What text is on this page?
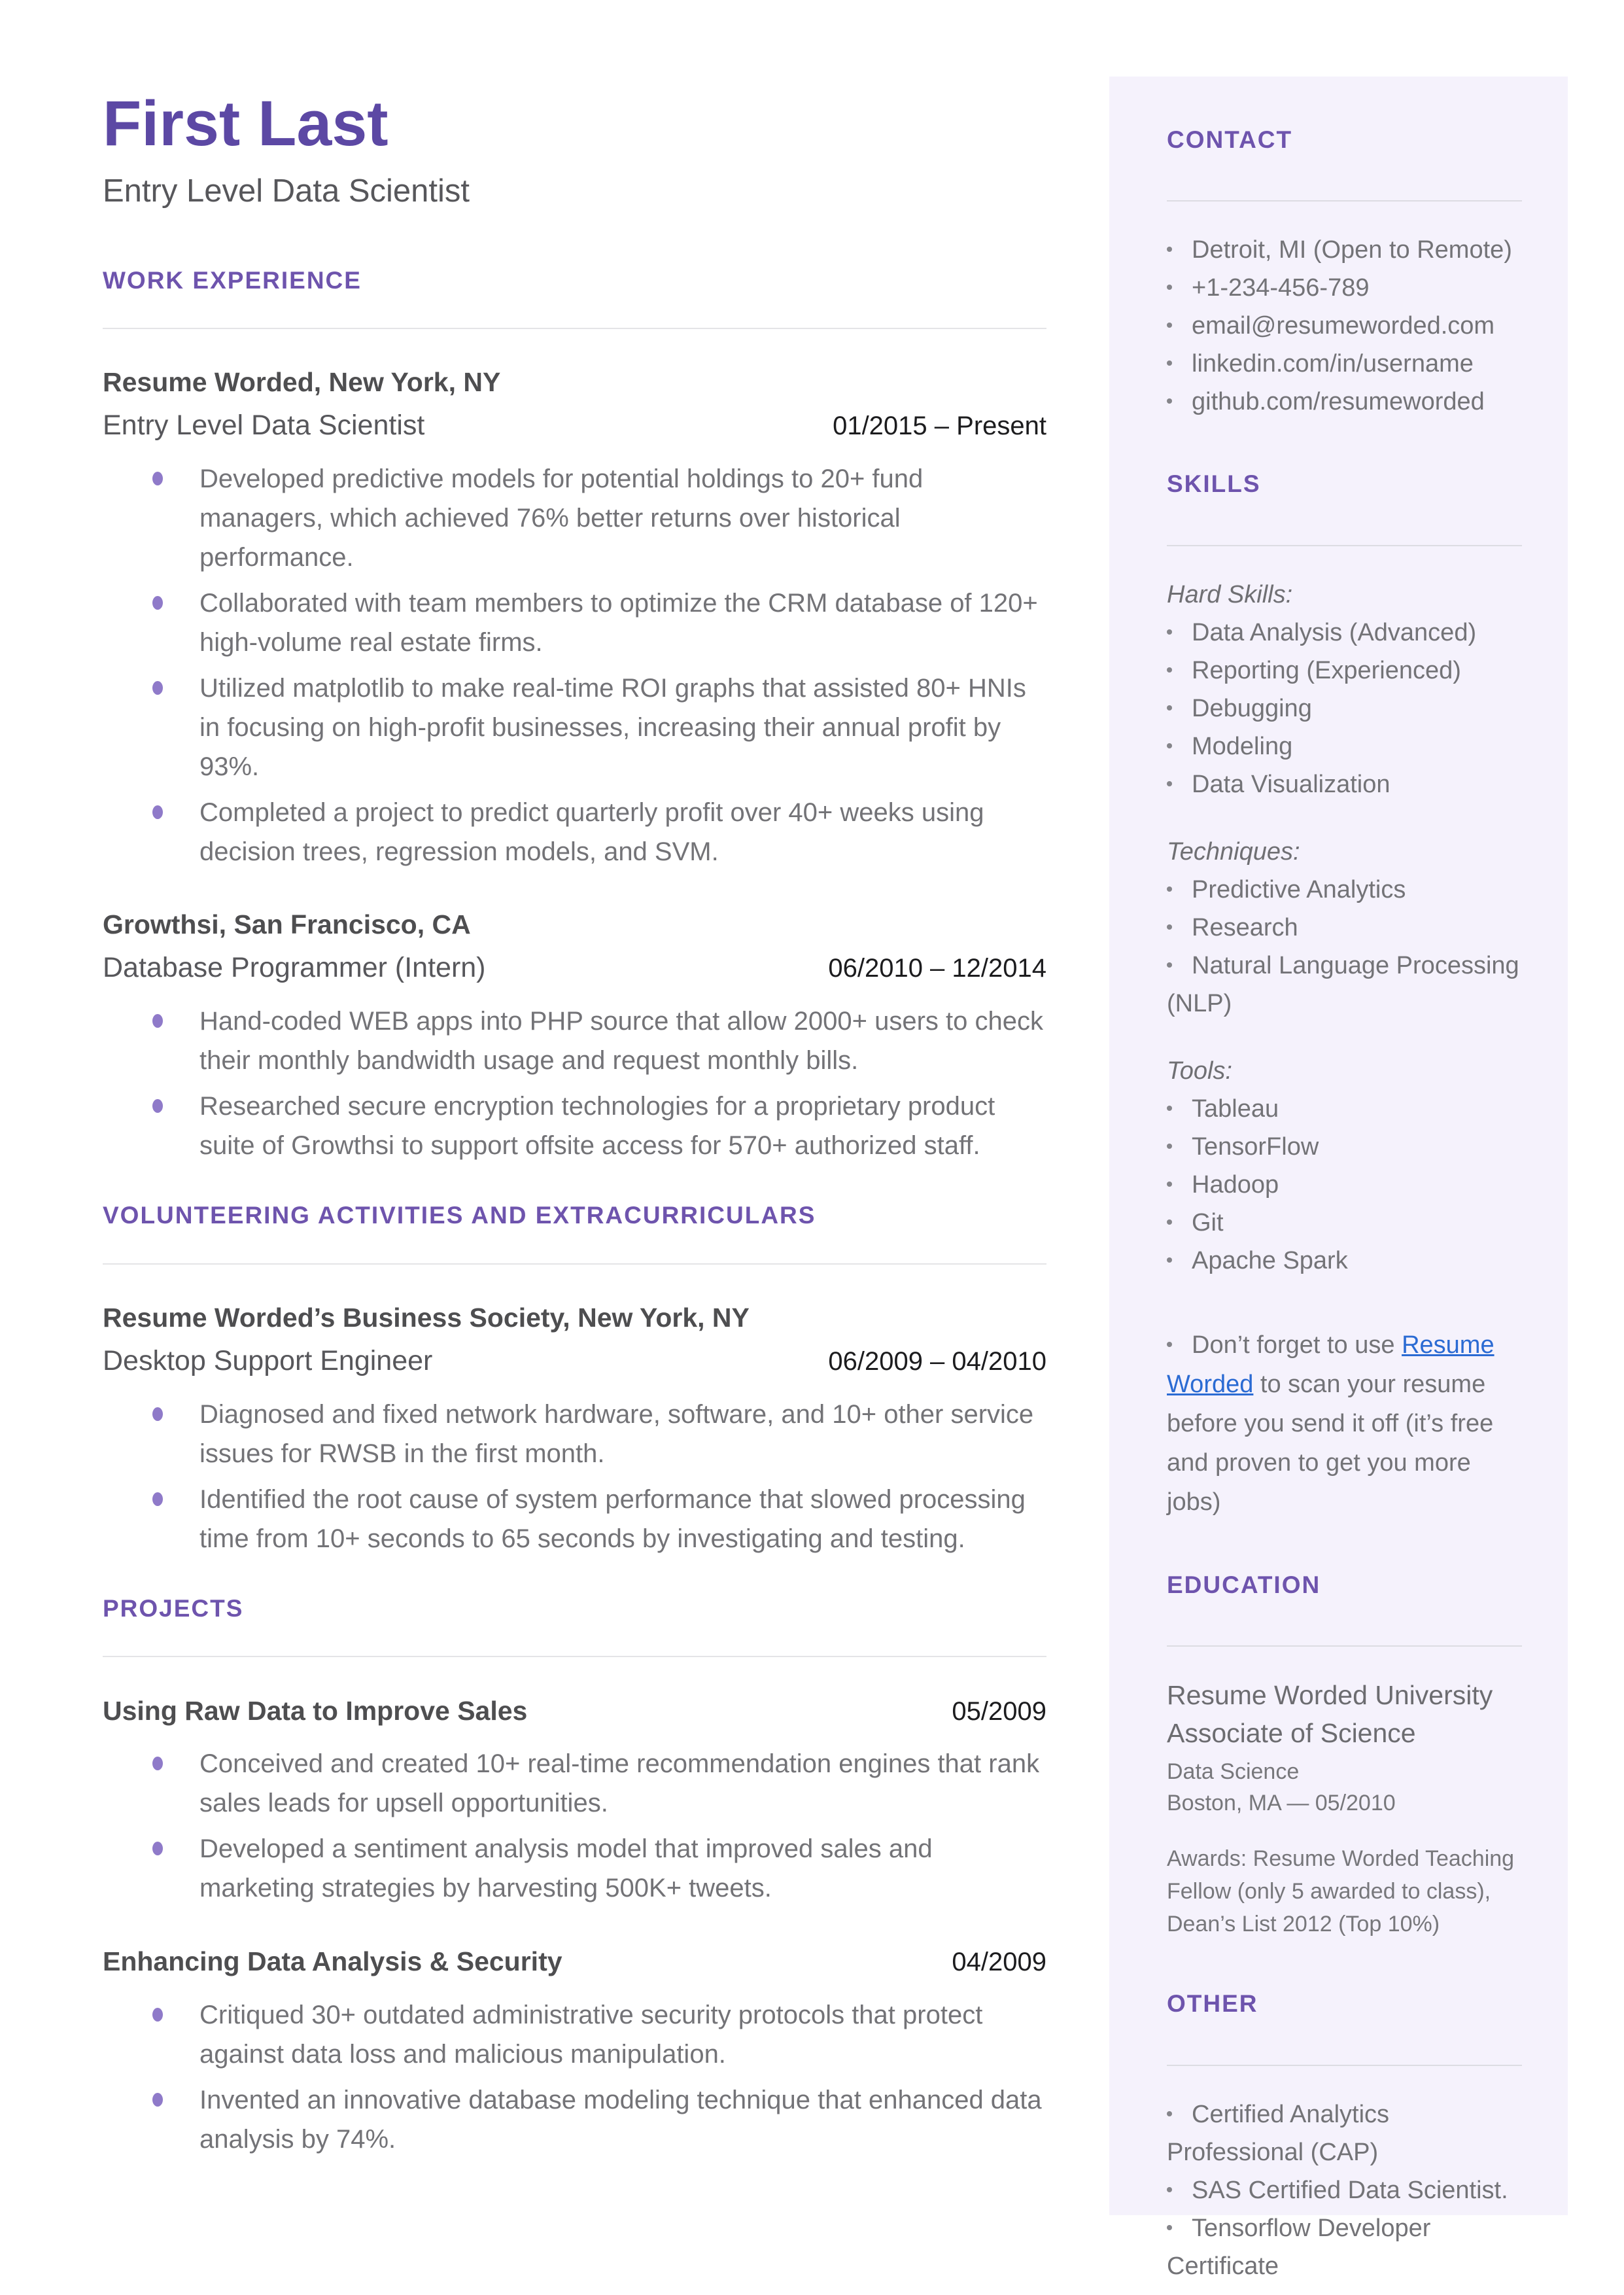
First Last
Entry Level Data Scientist
WORK EXPERIENCE
Resume Worded, New York, NY
Entry Level Data Scientist	01/2015 – Present
Developed predictive models for potential holdings to 20+ fund managers, which achieved 76% better returns over historical performance.
Collaborated with team members to optimize the CRM database of 120+ high-volume real estate firms.
Utilized matplotlib to make real-time ROI graphs that assisted 80+ HNIs in focusing on high-profit businesses, increasing their annual profit by 93%.
Completed a project to predict quarterly profit over 40+ weeks using decision trees, regression models, and SVM.
Growthsi, San Francisco, CA
Database Programmer (Intern)	06/2010 – 12/2014
Hand-coded WEB apps into PHP source that allow 2000+ users to check their monthly bandwidth usage and request monthly bills.
Researched secure encryption technologies for a proprietary product suite of Growthsi to support offsite access for 570+ authorized staff.
VOLUNTEERING ACTIVITIES AND EXTRACURRICULARS
Resume Worded’s Business Society, New York, NY
Desktop Support Engineer	06/2009 – 04/2010
Diagnosed and fixed network hardware, software, and 10+ other service issues for RWSB in the first month.
Identified the root cause of system performance that slowed processing time from 10+ seconds to 65 seconds by investigating and testing.
PROJECTS
Using Raw Data to Improve Sales	05/2009
Conceived and created 10+ real-time recommendation engines that rank sales leads for upsell opportunities.
Developed a sentiment analysis model that improved sales and marketing strategies by harvesting 500K+ tweets.
Enhancing Data Analysis & Security	04/2009
Critiqued 30+ outdated administrative security protocols that protect against data loss and malicious manipulation.
Invented an innovative database modeling technique that enhanced data analysis by 74%.
CONTACT
Detroit, MI (Open to Remote)
+1-234-456-789
email@resumeworded.com
linkedin.com/in/username
github.com/resumeworded
SKILLS
Hard Skills:
Data Analysis (Advanced)
Reporting (Experienced)
Debugging
Modeling
Data Visualization
Techniques:
Predictive Analytics
Research
Natural Language Processing (NLP)
Tools:
Tableau
TensorFlow
Hadoop
Git
Apache Spark
Don’t forget to use Resume Worded to scan your resume before you send it off (it’s free and proven to get you more jobs)
EDUCATION
Resume Worded University
Associate of Science
Data Science
Boston, MA — 05/2010
Awards: Resume Worded Teaching Fellow (only 5 awarded to class), Dean’s List 2012 (Top 10%)
OTHER
Certified Analytics Professional (CAP)
SAS Certified Data Scientist.
Tensorflow Developer Certificate
